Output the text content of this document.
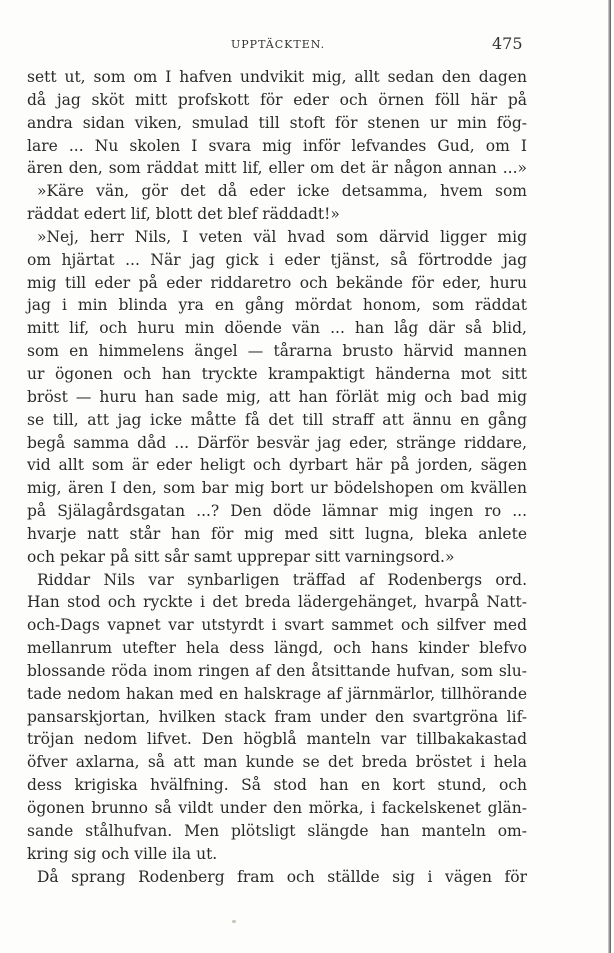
UPPTÄCKTEN.	475
sett ut, som om I hafven undvikit mig, allt sedan den dagen
då jag sköt mitt profskott för eder och örnen föll här på
andra sidan viken, smulad till stoft för stenen ur min fög-
lare ... Nu skolen I svara mig inför lefvandes Gud, om I
ären den, som räddat mitt lif, eller om det är någon annan ...»
»Käre vän, gör det då eder icke detsamma, hvem som
räddat edert lif, blott det blef räddadt!»
»Nej, herr Nils, I veten väl hvad som därvid ligger mig
om hjärtat ... När jag gick i eder tjänst, så förtrodde jag
mig till eder på eder riddaretro och bekände för eder, huru
jag i min blinda yra en gång mördat honom, som räddat
mitt lif, och huru min döende vän ... han låg där så blid,
som en himmelens ängel — tårarna brusto härvid mannen
ur ögonen och han tryckte krampaktigt händerna mot sitt
bröst — huru han sade mig, att han förlät mig och bad mig
se till, att jag icke måtte få det till straff att ännu en gång
begå samma dåd ... Därför besvär jag eder, stränge riddare,
vid allt som är eder heligt och dyrbart här på jorden, sägen
mig, ären I den, som bar mig bort ur bödelshopen om kvällen
på Själagårdsgatan ...? Den döde lämnar mig ingen ro ...
hvarje natt står han för mig med sitt lugna, bleka anlete
och pekar på sitt sår samt upprepar sitt varningsord.»
Riddar Nils var synbarligen träffad af Rodenbergs ord.
Han stod och ryckte i det breda lädergehänget, hvarpå Natt-
och-Dags vapnet var utstyrdt i svart sammet och silfver med
mellanrum utefter hela dess längd, och hans kinder blefvo
blossande röda inom ringen af den åtsittande hufvan, som slu-
tade nedom hakan med en halskrage af järnmärlor, tillhörande
pansarskjortan, hvilken stack fram under den svartgröna lif-
tröjan nedom lifvet. Den högblå manteln var tillbakakastad
öfver axlarna, så att man kunde se det breda bröstet i hela
dess krigiska hvälfning. Så stod han en kort stund, och
ögonen brunno så vildt under den mörka, i fackelskenet glän-
sande stålhufvan. Men plötsligt slängde han manteln om-
kring sig och ville ila ut.
Då sprang Rodenberg fram och ställde sig i vägen för
